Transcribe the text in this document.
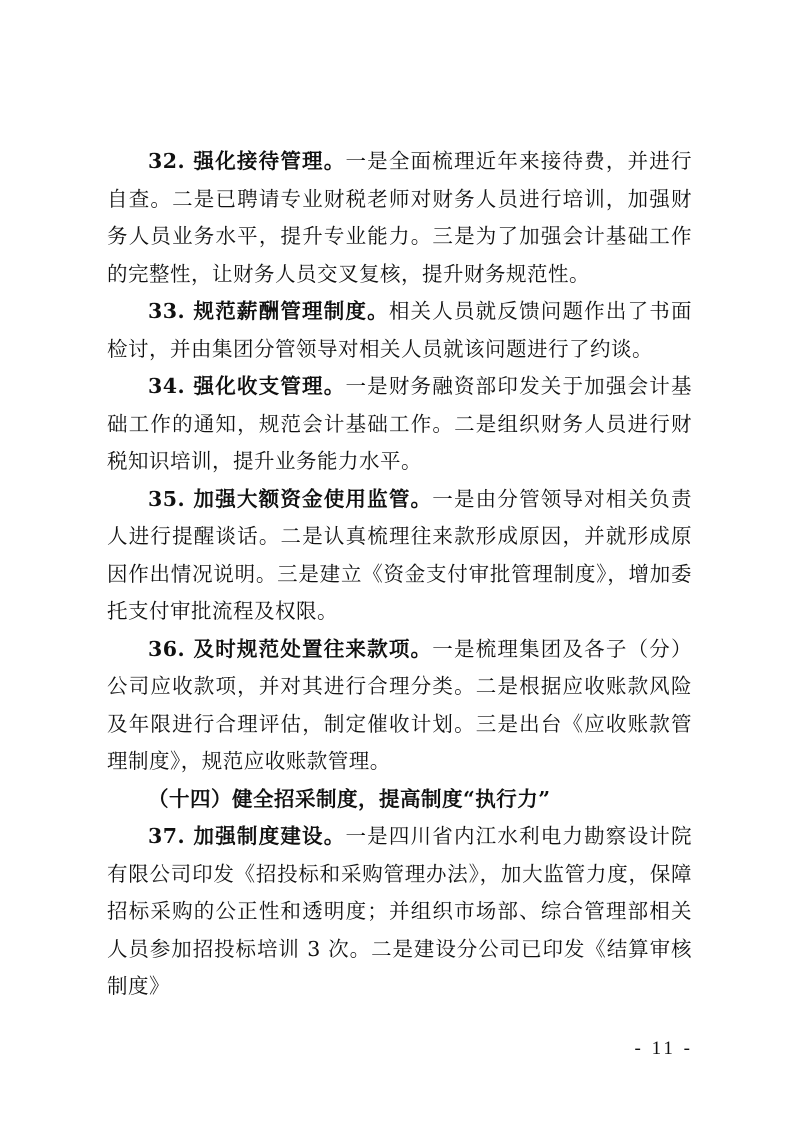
32. 强化接待管理。一是全面梳理近年来接待费，并进行自查。二是已聘请专业财税老师对财务人员进行培训，加强财务人员业务水平，提升专业能力。三是为了加强会计基础工作的完整性，让财务人员交叉复核，提升财务规范性。

33. 规范薪酬管理制度。相关人员就反馈问题作出了书面检讨，并由集团分管领导对相关人员就该问题进行了约谈。

34. 强化收支管理。一是财务融资部印发关于加强会计基础工作的通知，规范会计基础工作。二是组织财务人员进行财税知识培训，提升业务能力水平。

35. 加强大额资金使用监管。一是由分管领导对相关负责人进行提醒谈话。二是认真梳理往来款形成原因，并就形成原因作出情况说明。三是建立《资金支付审批管理制度》，增加委托支付审批流程及权限。

36. 及时规范处置往来款项。一是梳理集团及各子（分）公司应收款项，并对其进行合理分类。二是根据应收账款风险及年限进行合理评估，制定催收计划。三是出台《应收账款管理制度》，规范应收账款管理。

（十四）健全招采制度，提高制度“执行力”

37. 加强制度建设。一是四川省内江水利电力勘察设计院有限公司印发《招投标和采购管理办法》，加大监管力度，保障招标采购的公正性和透明度；并组织市场部、综合管理部相关人员参加招投标培训 3 次。二是建设分公司已印发《结算审核制度》

- 11 -
